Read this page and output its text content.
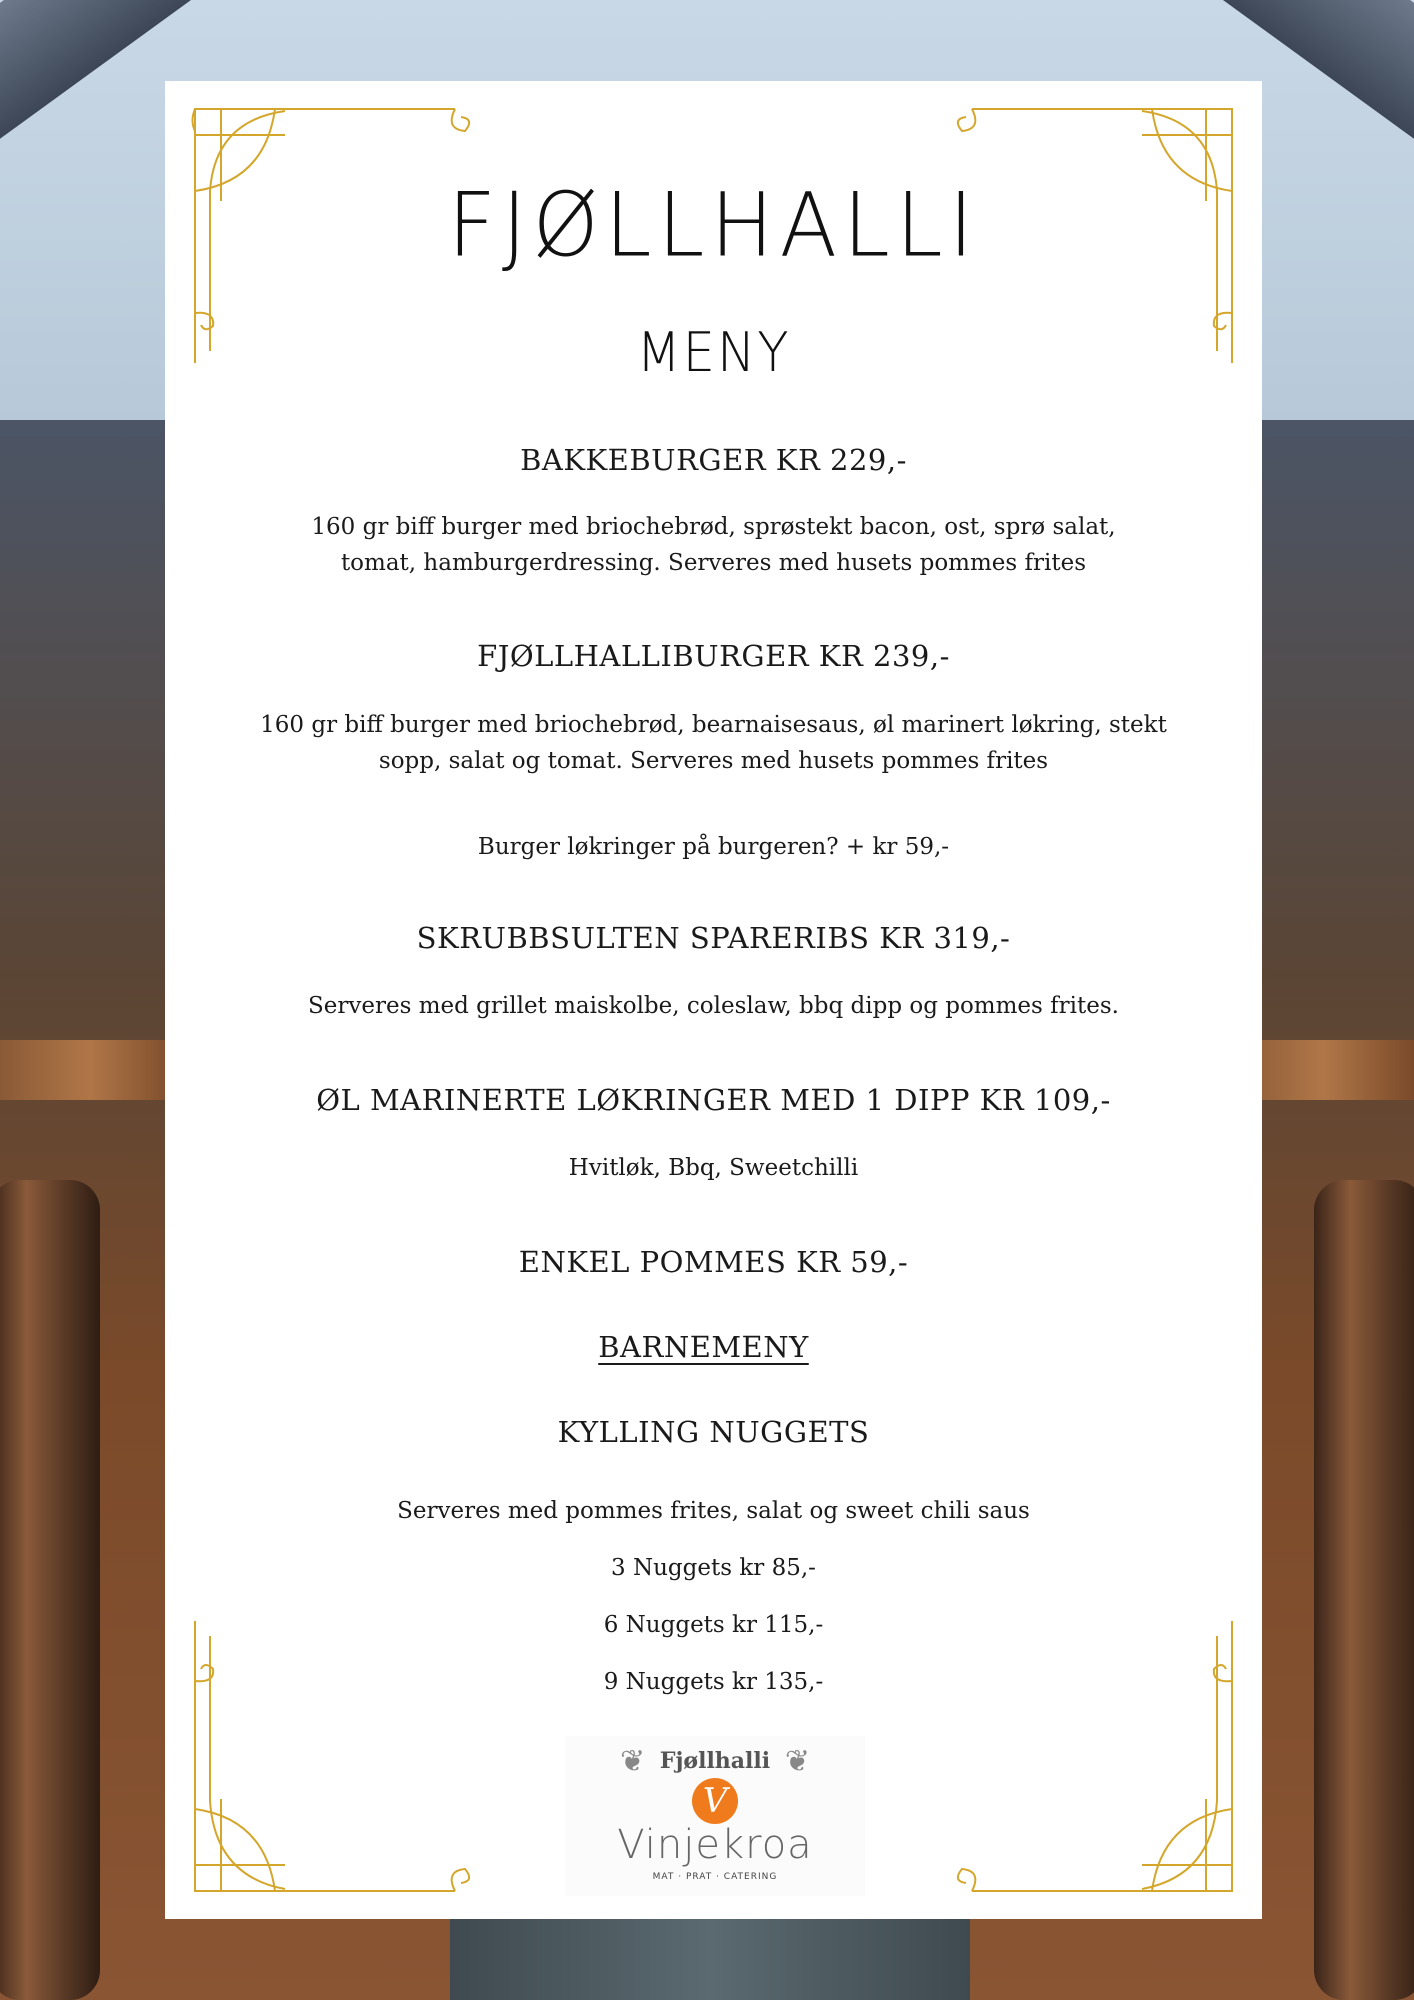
FJØLLHALLI
MENY
BAKKEBURGER KR 229,-
160 gr biff burger med briochebrød, sprøstekt bacon, ost, sprø salat,
tomat, hamburgerdressing. Serveres med husets pommes frites
FJØLLHALLIBURGER KR 239,-
160 gr biff burger med briochebrød, bearnaisesaus, øl marinert løkring, stekt
sopp, salat og tomat. Serveres med husets pommes frites
Burger løkringer på burgeren? + kr 59,-
SKRUBBSULTEN SPARERIBS KR 319,-
Serveres med grillet maiskolbe, coleslaw, bbq dipp og pommes frites.
ØL MARINERTE LØKRINGER MED 1 DIPP KR 109,-
Hvitløk, Bbq, Sweetchilli
ENKEL POMMES KR 59,-
BARNEMENY
KYLLING NUGGETS
Serveres med pommes frites, salat og sweet chili saus
3 Nuggets kr 85,-
6 Nuggets kr 115,-
9 Nuggets kr 135,-
❦	❦
Fjøllhalli
V
Vinjekroa
MAT · PRAT · CATERING
